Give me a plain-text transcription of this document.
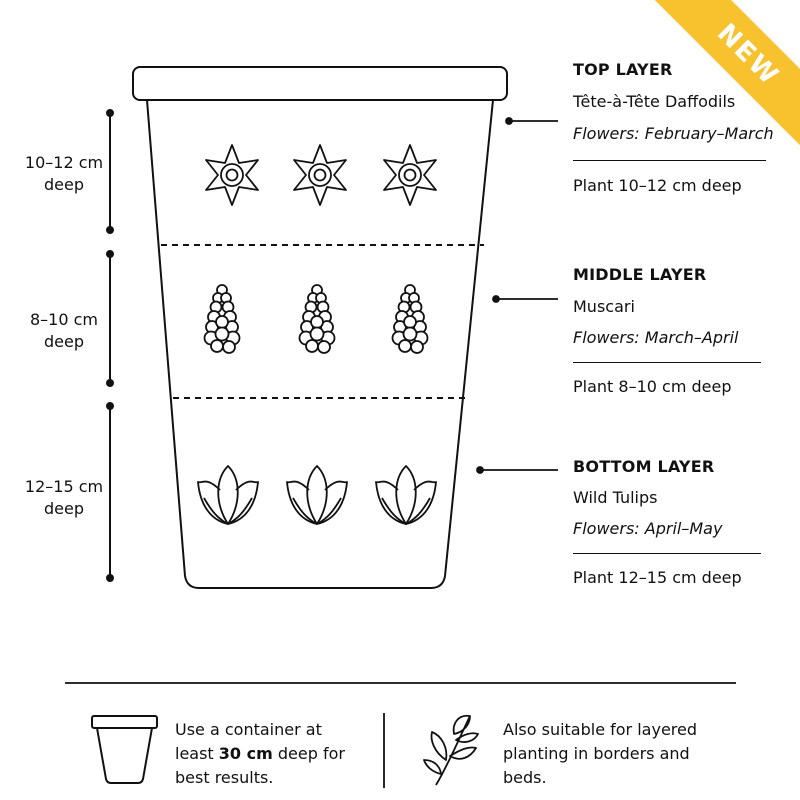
NEW
10–12 cm
deep
8–10 cm
deep
12–15 cm
deep
TOP LAYER
Tête-à-Tête Daffodils
Flowers: February–March
Plant 10–12 cm deep
MIDDLE LAYER
Muscari
Flowers: March–April
Plant 8–10 cm deep
BOTTOM LAYER
Wild Tulips
Flowers: April–May
Plant 12–15 cm deep
Use a container at least 30 cm deep for best results.
Also suitable for layered planting in borders and beds.
